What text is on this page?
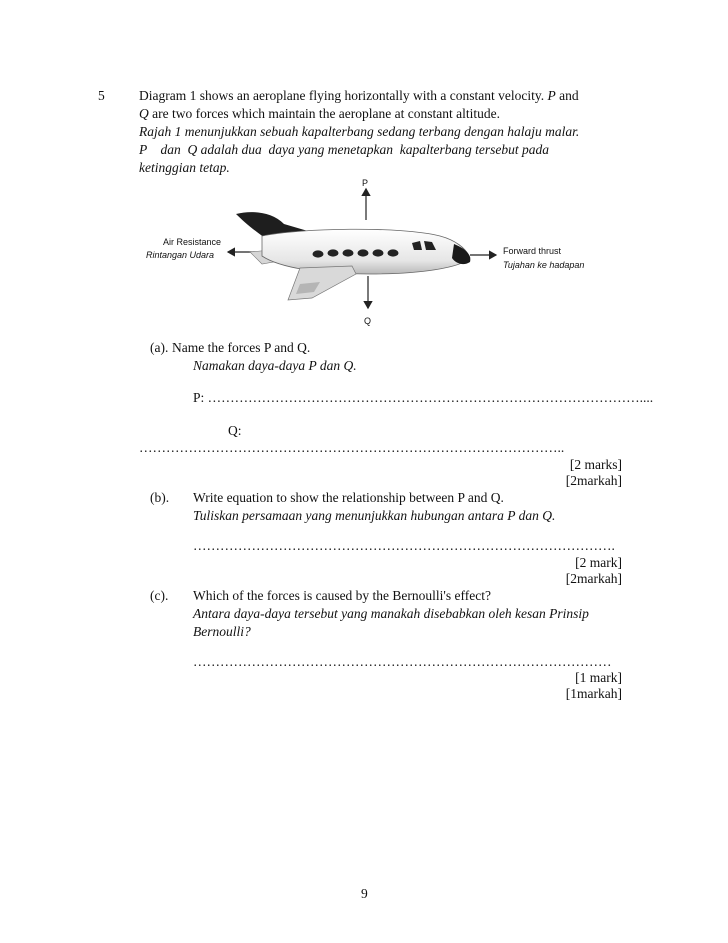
5	Diagram 1 shows an aeroplane flying horizontally with a constant velocity. P and
Q are two forces which maintain the aeroplane at constant altitude.
Rajah 1 menunjukkan sebuah kapalterbang sedang terbang dengan halaju malar.
P    dan  Q adalah dua  daya yang menetapkan  kapalterbang tersebut pada
ketinggian tetap.
P
Q
Air Resistance
Rintangan Udara	Forward thrust
Tujahan ke hadapan
(a). Name the forces P and Q.
Namakan daya-daya P dan Q.
P: ……………………………………………………………………………………....
Q:
…………………………………………………………………………………..
[2 marks]
[2markah]
(b). Write equation to show the relationship between P and Q.
Tuliskan persamaan yang menunjukkan hubungan antara P dan Q.
………………………………………………………………………………….
[2 mark]
[2markah]
(c). Which of the forces is caused by the Bernoulli's effect?
Antara daya-daya tersebut yang manakah disebabkan oleh kesan Prinsip
Bernoulli?
…………………………………………………………………………………
[1 mark]
[1markah]
9
